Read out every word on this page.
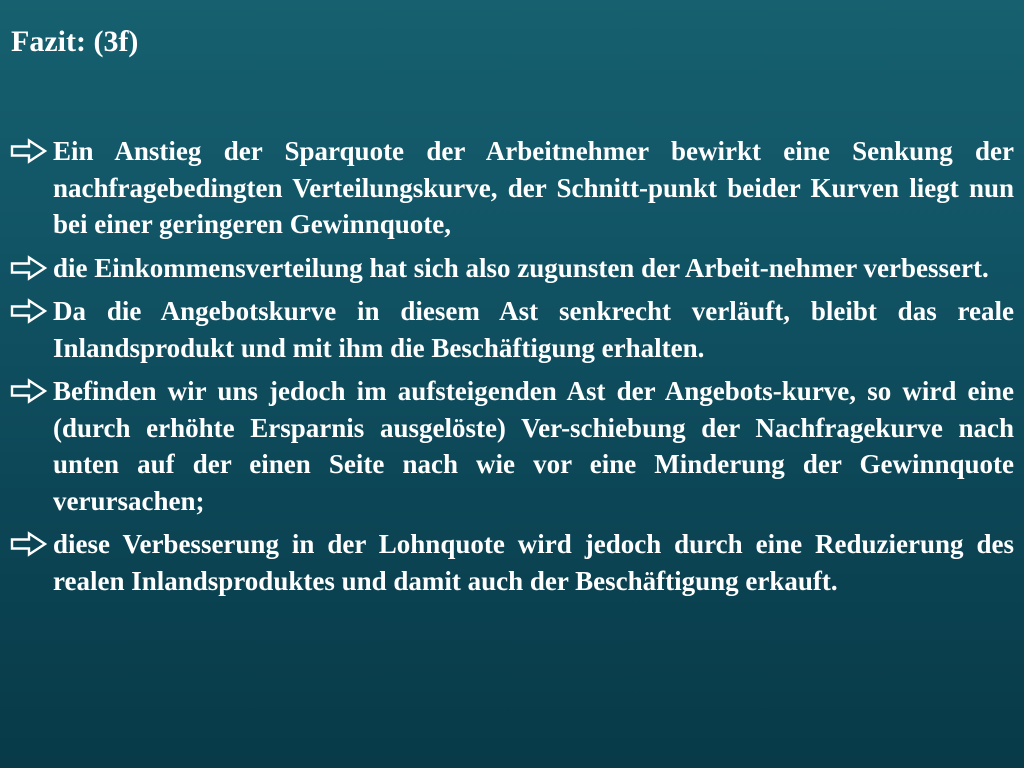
Fazit: (3f)

Ein Anstieg der Sparquote der Arbeitnehmer bewirkt eine Senkung der nachfragebedingten Verteilungskurve, der Schnitt-punkt beider Kurven liegt nun bei einer geringeren Gewinnquote,

die Einkommensverteilung hat sich also zugunsten der Arbeit-nehmer verbessert.

Da die Angebotskurve in diesem Ast senkrecht verläuft, bleibt das reale Inlandsprodukt und mit ihm die Beschäftigung erhalten.

Befinden wir uns jedoch im aufsteigenden Ast der Angebots-kurve, so wird eine (durch erhöhte Ersparnis ausgelöste) Ver-schiebung der Nachfragekurve nach unten auf der einen Seite nach wie vor eine Minderung der Gewinnquote verursachen;

diese Verbesserung in der Lohnquote wird jedoch durch eine Reduzierung des realen Inlandsproduktes und damit auch der Beschäftigung erkauft.
